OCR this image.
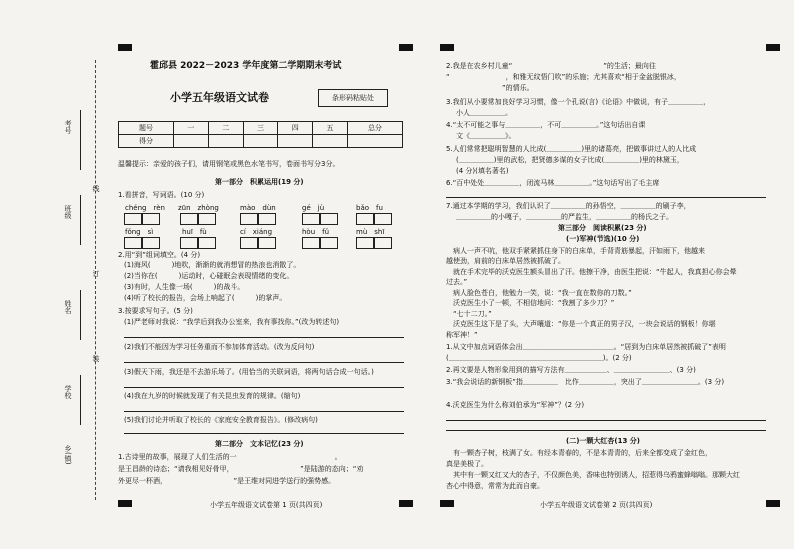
考号
班级
姓名
学校
乡(镇)
线
订
装
霍邱县 2022－2023 学年度第二学期期末考试
小学五年级语文试卷	条形码粘贴处
题号	一	二	三	四	五	总分
得分						
温馨提示：亲爱的孩子们，请用钢笔或黑色水笔书写，卷面书写分3分。
第一部分　积累运用(19 分)
1.看拼音，写词语。(10 分)
chéng　rèn zūn　zhòng	mào　dùn	gé　jù	bǎo　fu
fǒng　sì	huī　fù	cí　xiáng	hòu　fǔ	mù　shī
2.用“到”组词填空。(4 分)
(1)海风(　　　)地吹，渐渐的就消想冒的热浪也消散了。
(2)当你在(　　　)运动时，心碰眠会表现情绪的变化。
(3)有时，人生像一场(　　　)的战斗。
(4)听了校长的报告，会场上响起了(　　　)的掌声。
3.按要求写句子。(5 分)
(1)严老师对我说：“我学后到我办公室来，我有事找你。”(改为转述句)
(2)我们不能因为学习任务重而不参加体育活动。(改为反问句)
(3)假天下雨，我还是不去游乐场了。(用恰当的关联词语，将两句话合成一句话。)
(4)我在九岁的时候就发现了有关昆虫发育的规律。(缩句)
(5)我们讨论并听取了校长的《家庭安全教育报告》。(修改病句)
第二部分　文本记忆(23 分)
1.古诗里的故事，展现了人们生活的一　　　　　　　　　　　　　　。
是王昌龄的诗态；“请我相见好骨甲，　　　　　　　　　　”是陆游的态向；“劝
外更尽一杯酒，　　　　　　　　　　”是王维对同进学送行的强势感。
小学五年级语文试卷第 1 页(共四页)
2.我是在农乡村儿童“　　　　　　　　　　　　　”的生活；最向往
“　　　　　　　　，和雅无纹悟门吹”的乐施；尤其喜欢“相于金盆脱银冰，
　　　　　　　　”的情乐。
3.我们从小要常加良好学习习惯，像一个孔说(言)《论语》中做说，有子＿＿＿＿＿，
小人＿＿＿＿＿。
4.“太不可能之事与＿＿＿＿＿，不可＿＿＿＿＿。”这句话出自课
文《＿＿＿＿＿》。
5.人们常常把聪明智慧的人比成(＿＿＿＿＿)里的诸葛亮，把做事讲过人的人比成
(＿＿＿＿＿)里的武松，把贤德多谋的女子比成(＿＿＿＿＿)里的林黛玉，
(4 分)(填名著名)
6.“百中处处＿＿＿＿＿，闭流马林＿＿＿＿＿。”这句话写出了毛主席
7.通过本学期的学习，我们认识了＿＿＿＿＿的孙悟空，＿＿＿＿＿的刷子李，
＿＿＿＿＿的小嘎子，＿＿＿＿＿的严监生，＿＿＿＿＿的杨氏之子。
第三部分　阅读积累(23 分)
(一)军神(节选)(10 分)
　病人一声不吭，他双手紧紧抓住身下的白床单，手背青筋暴起，汗如雨下，他越来
越使劲，肩前的白床单居然被抓破了。
　就在手术完毕的沃克医生额头冒出了汗。他擦干净，由医生把说：“牛起人，我真担心你会晕
过去。”
　病人脸色苍白，他勉力一笑，说：“我一直在数你的刀数。”
　沃克医生小了一顿，不相信地问：“我割了多少刀？”
　“七十二刀。”
　沃克医生这下是了头，大声嚷道：“你是一个真正的男子汉，一块会说话的钢板！你堪
称军神！”
1.从文中加点词语体会出＿＿＿＿＿＿＿＿＿＿＿＿＿。“居到为白床单居然被抓破了”表明
(＿＿＿＿＿＿＿＿＿＿＿＿＿＿＿＿＿＿＿＿＿＿)。(2 分)
2.再文要是人物形象用到的描写方法有＿＿＿＿＿＿、＿＿＿＿＿＿＿＿、(3 分)
3.“我会说话的新钢板”指＿＿＿＿＿　比作＿＿＿＿＿，突出了＿＿＿＿＿＿＿＿。(3 分)
4.沃克医生为什么称刘伯承为“军神”？(2 分)
(二)一颗大红杏(13 分)
　有一颗杏子树，枝满了女。有经本青春的，不是本青青的，后来全都变成了金红色，
真是美极了。
　其中有一颗又红又大的杏子，不仅颜色美，香味也特别诱人，招惹得乌鸦蜜蜂嗡嗡。那颗大红
杏心中得意，常常为此而自豪。
小学五年级语文试卷第 2 页(共四页)
